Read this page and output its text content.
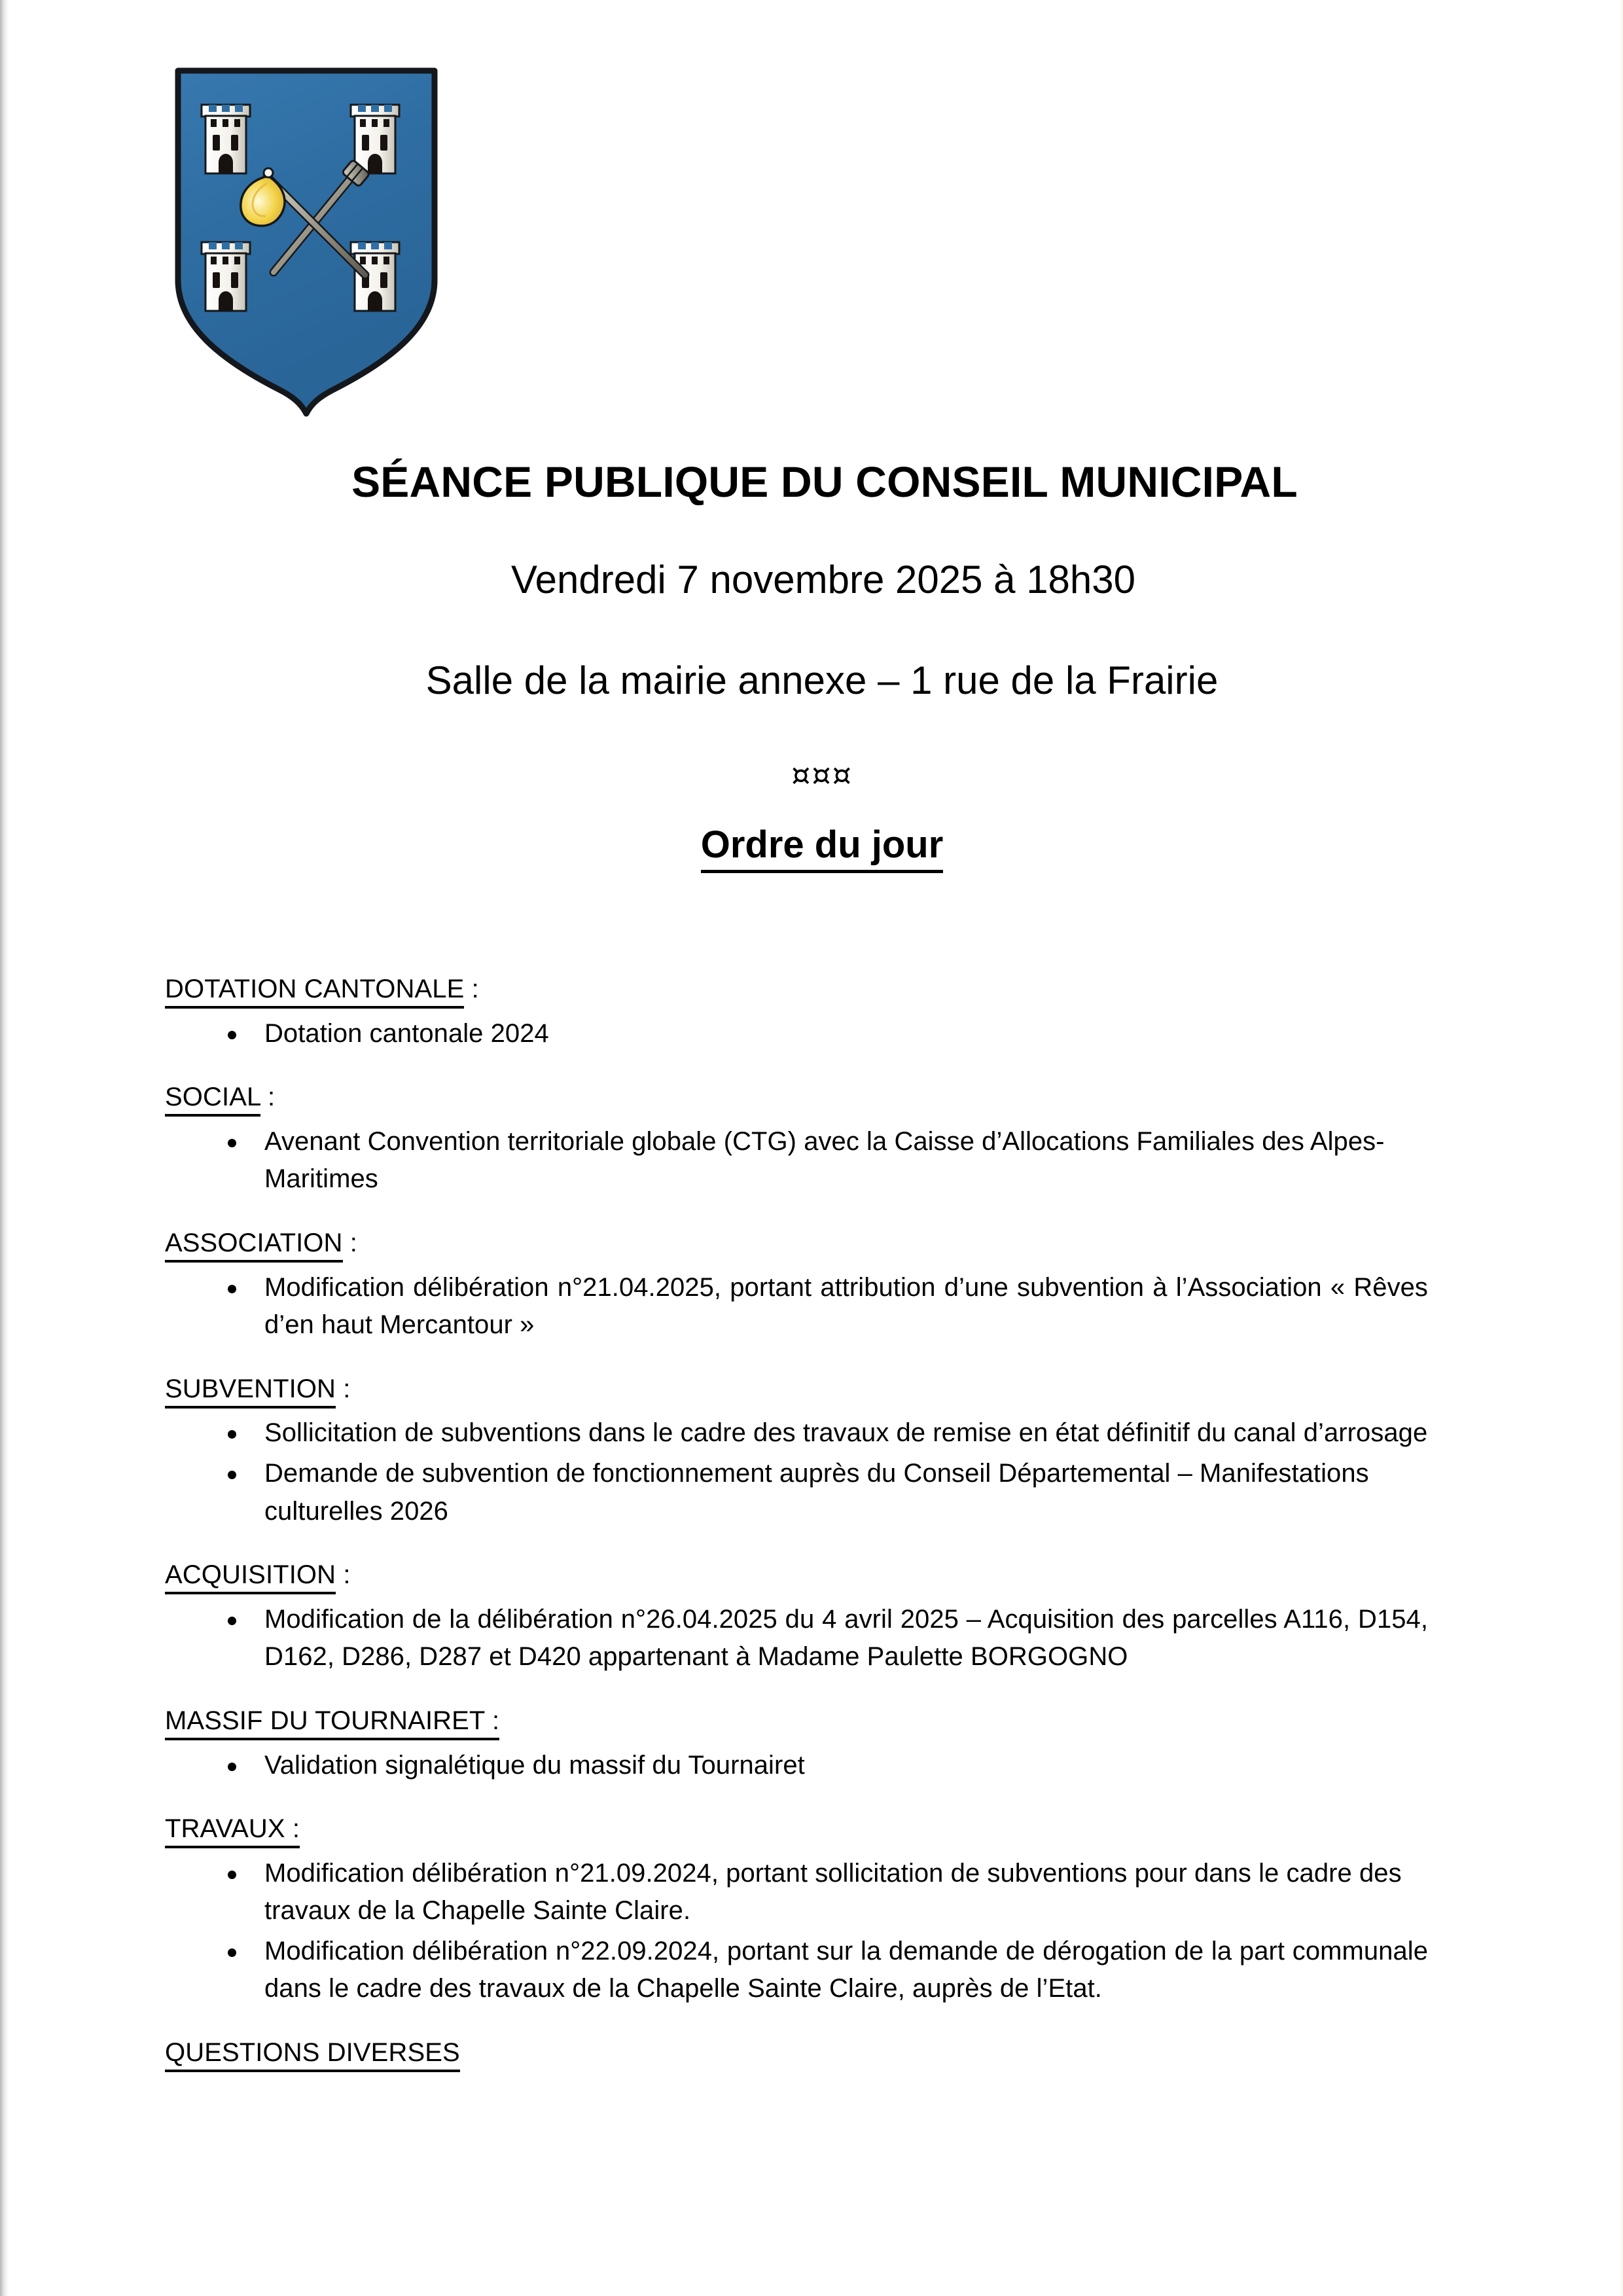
SÉANCE PUBLIQUE DU CONSEIL MUNICIPAL
Vendredi 7 novembre 2025 à 18h30
Salle de la mairie annexe – 1 rue de la Frairie
¤¤¤
Ordre du jour
DOTATION CANTONALE :
Dotation cantonale 2024
SOCIAL :
Avenant Convention territoriale globale (CTG) avec la Caisse d’Allocations Familiales des Alpes-Maritimes
ASSOCIATION :
Modification délibération n°21.04.2025, portant attribution d’une subvention à l’Association « Rêves d’en haut Mercantour »
SUBVENTION :
Sollicitation de subventions dans le cadre des travaux de remise en état définitif du canal d’arrosage
Demande de subvention de fonctionnement auprès du Conseil Départemental – Manifestations culturelles 2026
ACQUISITION :
Modification de la délibération n°26.04.2025 du 4 avril 2025 – Acquisition des parcelles A116, D154, D162, D286, D287 et D420 appartenant à Madame Paulette BORGOGNO
MASSIF DU TOURNAIRET :
Validation signalétique du massif du Tournairet
TRAVAUX :
Modification délibération n°21.09.2024, portant sollicitation de subventions pour dans le cadre des travaux de la Chapelle Sainte Claire.
Modification délibération n°22.09.2024, portant sur la demande de dérogation de la part communale dans le cadre des travaux de la Chapelle Sainte Claire, auprès de l’Etat.
QUESTIONS DIVERSES
